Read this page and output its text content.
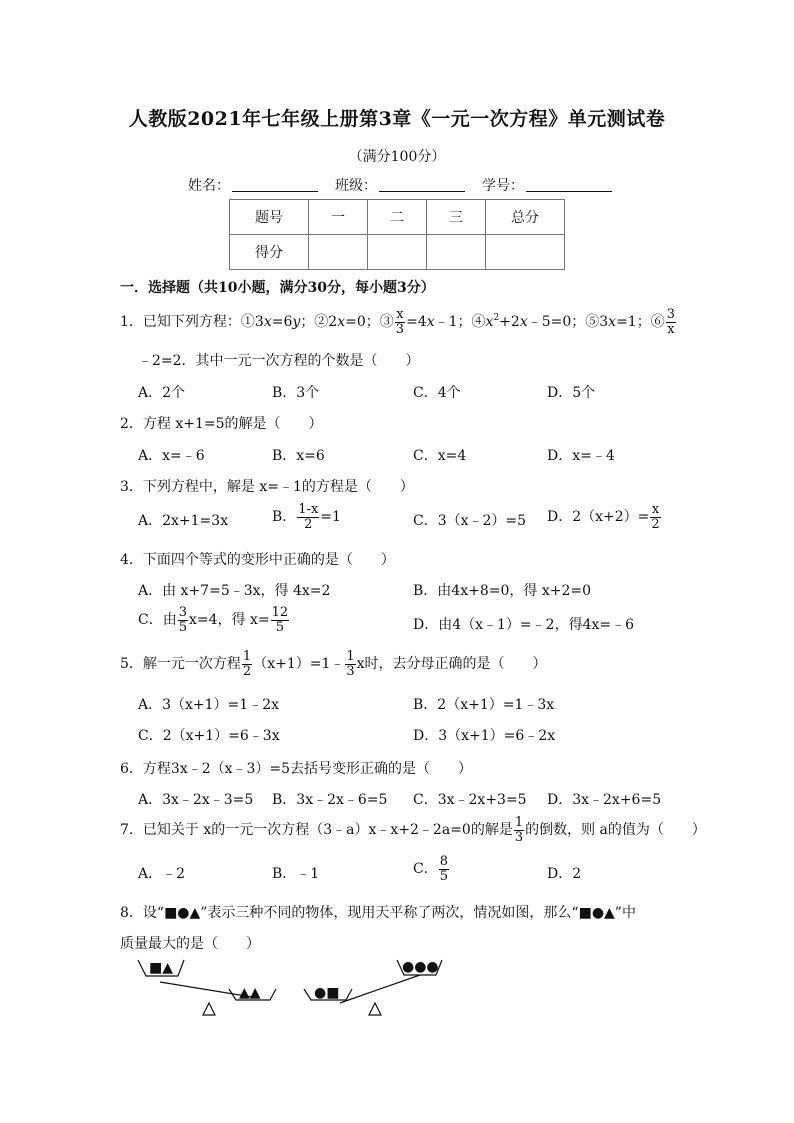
人教版2021年七年级上册第3章《一元一次方程》单元测试卷
（满分100分）
姓名：	班级：	学号：
题号	一	二	三	总分
得分				
一．选择题（共10小题，满分30分，每小题3分）
1．已知下列方程：①3x=6y；②2x=0；③ $\frac{x}{3}$ =4x﹣1；$④x^2+2x﹣5=0$；⑤3x=1；⑥ $\frac{3}{x}$
﹣2=2．其中一元一次方程的个数是（　　）
A．2个	B．3个	C．4个	D．5个
2．方程 x+1=5的解是（　　）
A．x=﹣6	B．x=6	C．x=4	D．x=﹣4
3．下列方程中，解是 x=﹣1的方程是（　　）
A．2x+1=3x	B． $\frac{1-x}{2} =1$	C．3（x﹣2）=5 D．$2(x+2)= \frac{x}{2}$
4．下面四个等式的变形中正确的是（　　）
A．由 x+7=5﹣3x，得 4x=2	B．由4x+8=0，得 x+2=0
C．由 $\frac{3}{5} x=4$，得 $x= \frac{12}{5}$	D．由4（x﹣1）=﹣2，得4x=﹣6
5．解一元一次方程 $\frac{1}{2}$ （x+1）=1﹣ $\frac{1}{3}$ x时，去分母正确的是（　　）
A．3（x+1）=1﹣2x	B．2（x+1）=1﹣3x
C．2（x+1）=6﹣3x	D．3（x+1）=6﹣2x
6．方程3x﹣2（x﹣3）=5去括号变形正确的是（　　）
A．3x﹣2x﹣3=5 B．3x﹣2x﹣6=5 C．3x﹣2x+3=5 D．3x﹣2x+6=5
7．已知关于 x的一元一次方程（3﹣a）x﹣x+2﹣2a=0的解是 $\frac{1}{3}$ 的倒数，则 a的值为（　　）
A．﹣2	B．﹣1	C． $\frac{8}{5}$	D．2
8．设“■●▲”表示三种不同的物体，现用天平称了两次，情况如图，那么“■●▲”中
质量最大的是（　　）
■▲
▲▲	●■
●●●
